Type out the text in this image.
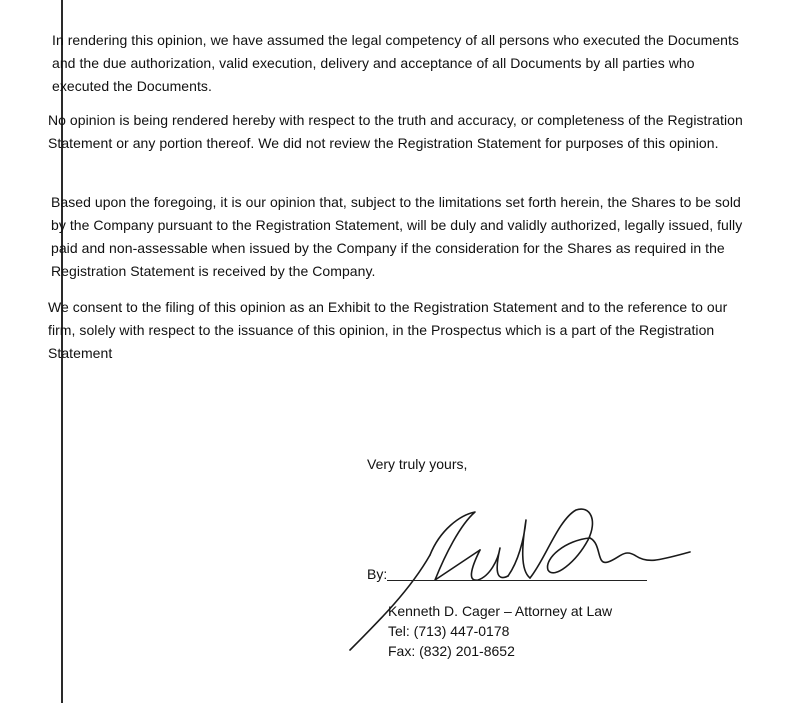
In rendering this opinion, we have assumed the legal competency of all persons who executed the Documents and the due authorization, valid execution, delivery and acceptance of all Documents by all parties who executed the Documents.

No opinion is being rendered hereby with respect to the truth and accuracy, or completeness of the Registration Statement or any portion thereof. We did not review the Registration Statement for purposes of this opinion.

Based upon the foregoing, it is our opinion that, subject to the limitations set forth herein, the Shares to be sold by the Company pursuant to the Registration Statement, will be duly and validly authorized, legally issued, fully paid and non-assessable when issued by the Company if the consideration for the Shares as required in the Registration Statement is received by the Company.

We consent to the filing of this opinion as an Exhibit to the Registration Statement and to the reference to our firm, solely with respect to the issuance of this opinion, in the Prospectus which is a part of the Registration Statement

Very truly yours,
By:
Kenneth D. Cager – Attorney at Law
Tel: (713) 447-0178
Fax: (832) 201-8652
